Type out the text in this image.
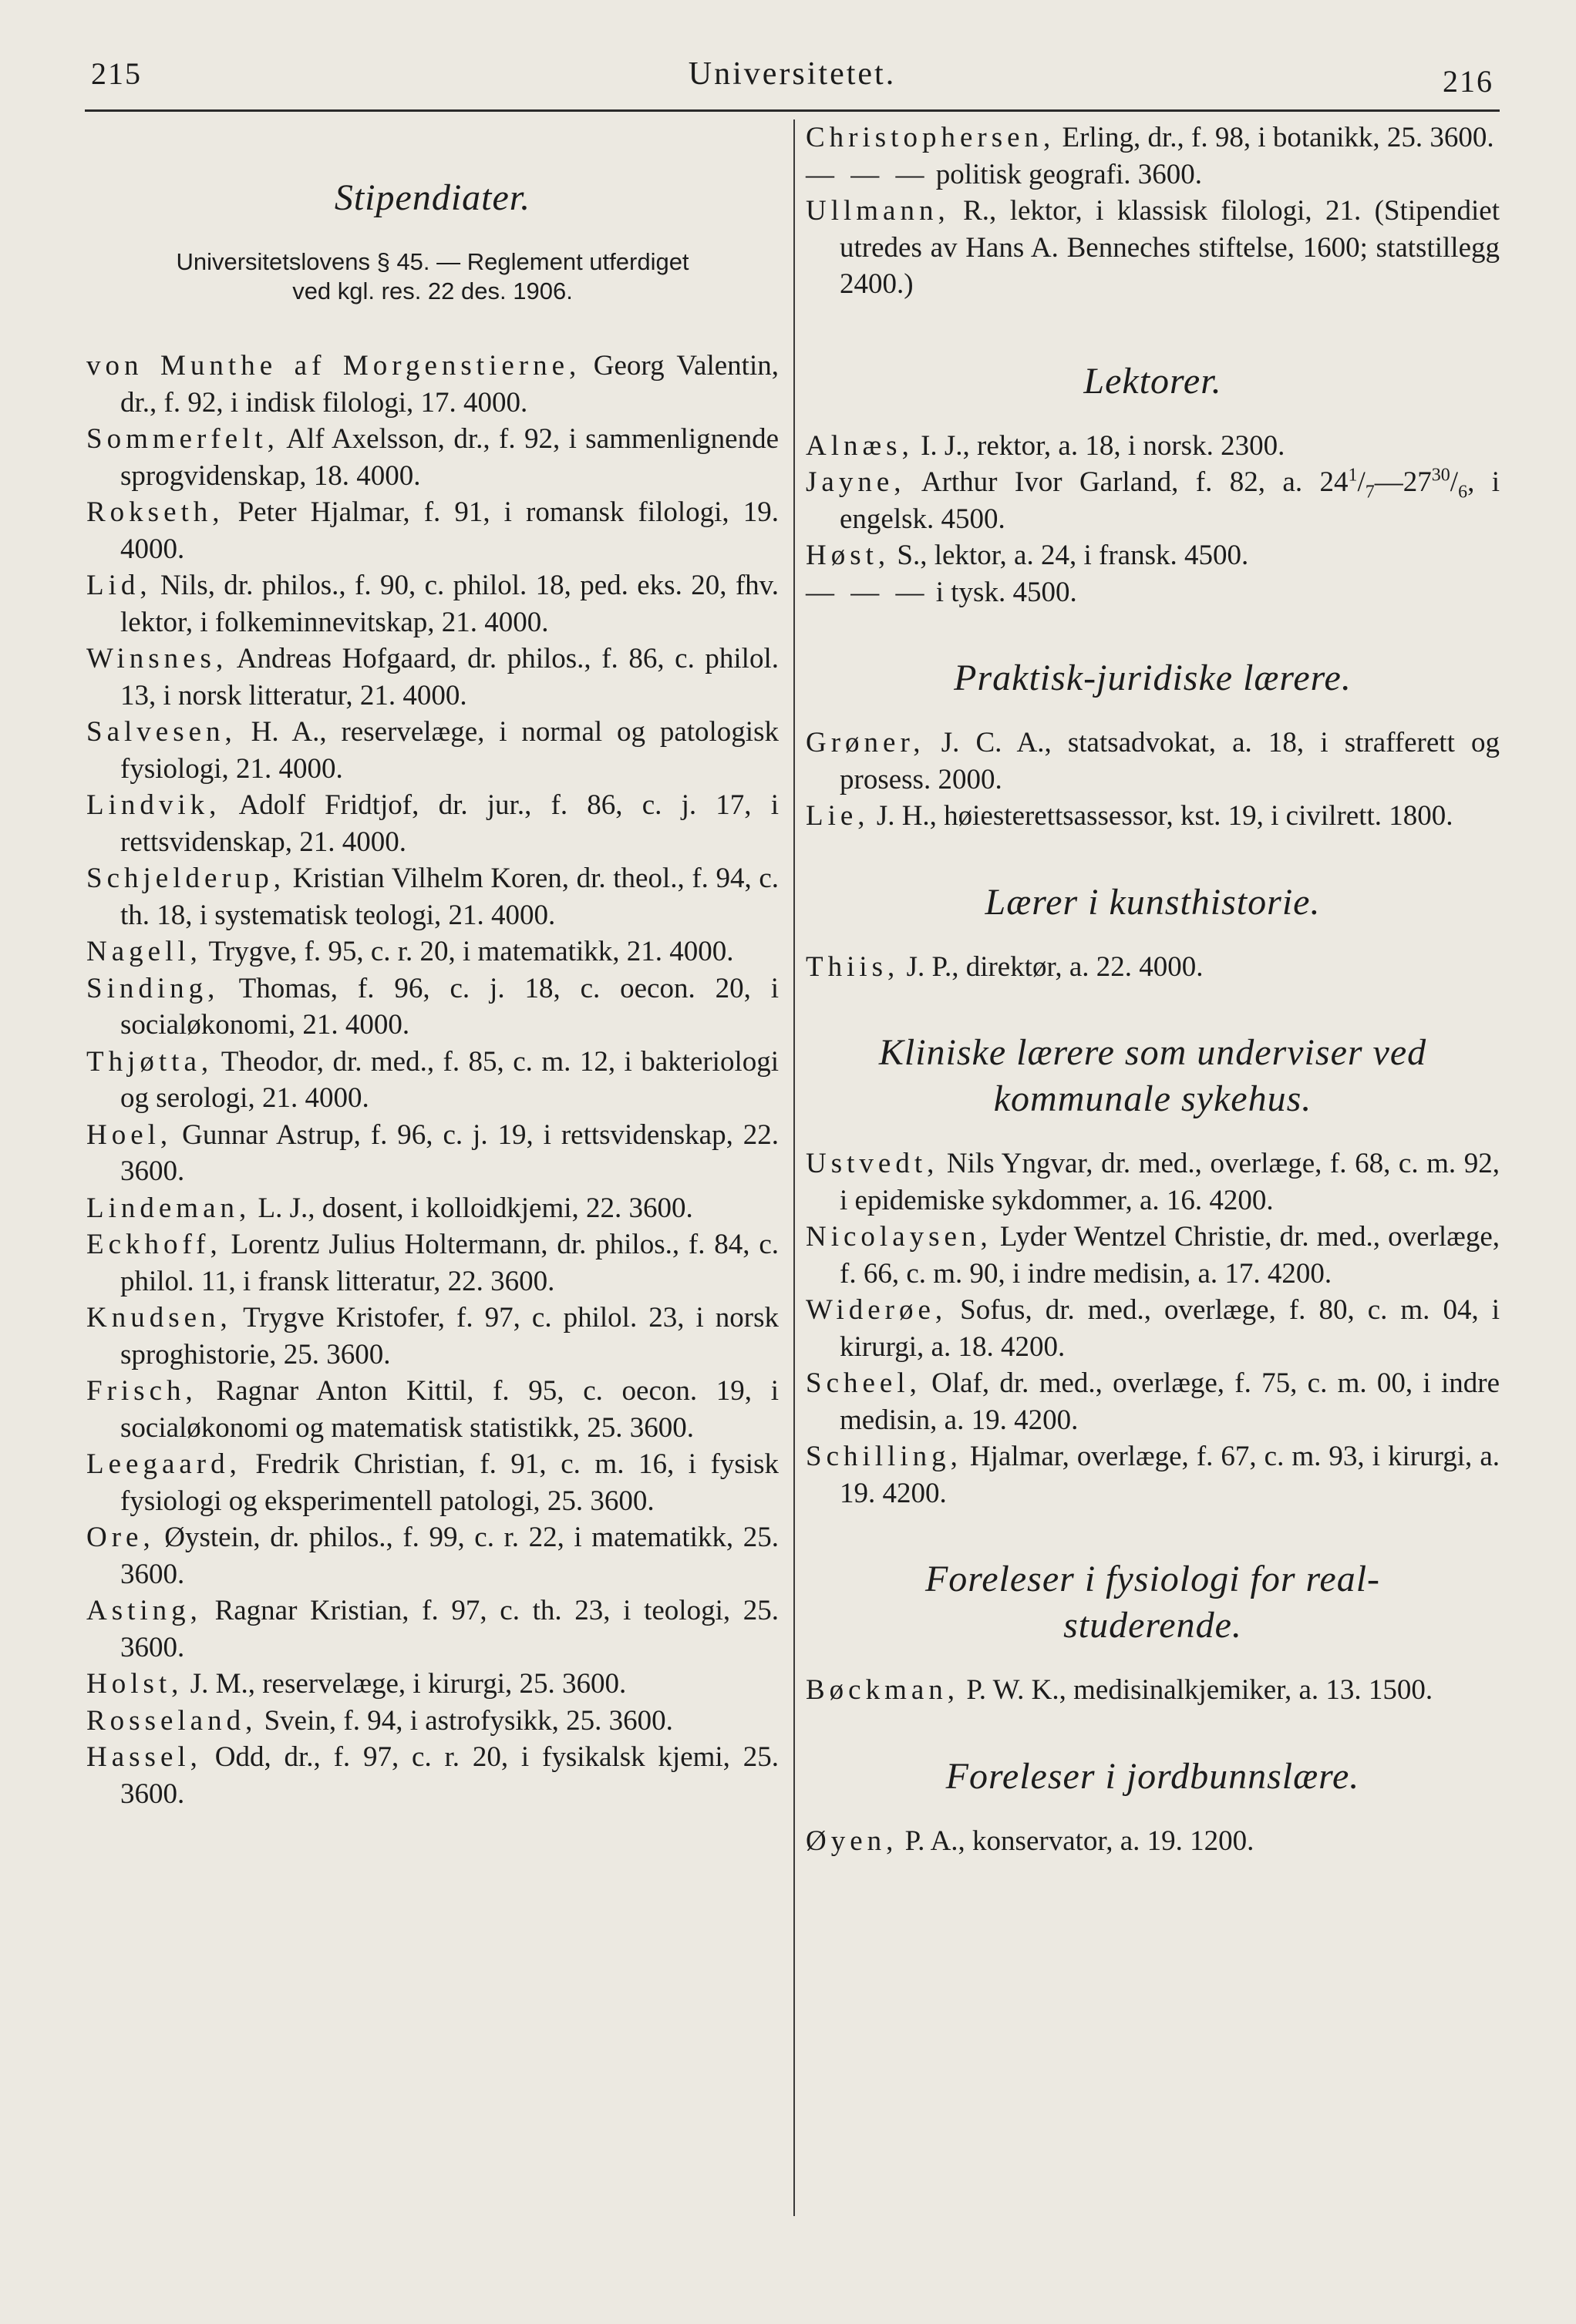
215	Universitetet.	216
Stipendiater.
Universitetslovens § 45. — Reglement utferdiget
ved kgl. res. 22 des. 1906.
von Munthe af Morgenstierne, Georg Valentin, dr., f. 92, i indisk filologi, 17. 4000.
Sommerfelt, Alf Axelsson, dr., f. 92, i sammenlignende sprogvidenskap, 18. 4000.
Rokseth, Peter Hjalmar, f. 91, i romansk filologi, 19. 4000.
Lid, Nils, dr. philos., f. 90, c. philol. 18, ped. eks. 20, fhv. lektor, i folkeminnevitskap, 21. 4000.
Winsnes, Andreas Hofgaard, dr. philos., f. 86, c. philol. 13, i norsk litteratur, 21. 4000.
Salvesen, H. A., reservelæge, i normal og patologisk fysiologi, 21. 4000.
Lindvik, Adolf Fridtjof, dr. jur., f. 86, c. j. 17, i rettsvidenskap, 21. 4000.
Schjelderup, Kristian Vilhelm Koren, dr. theol., f. 94, c. th. 18, i systematisk teologi, 21. 4000.
Nagell, Trygve, f. 95, c. r. 20, i matematikk, 21. 4000.
Sinding, Thomas, f. 96, c. j. 18, c. oecon. 20, i socialøkonomi, 21. 4000.
Thjøtta, Theodor, dr. med., f. 85, c. m. 12, i bakteriologi og serologi, 21. 4000.
Hoel, Gunnar Astrup, f. 96, c. j. 19, i rettsvidenskap, 22. 3600.
Lindeman, L. J., dosent, i kolloidkjemi, 22. 3600.
Eckhoff, Lorentz Julius Holtermann, dr. philos., f. 84, c. philol. 11, i fransk litteratur, 22. 3600.
Knudsen, Trygve Kristofer, f. 97, c. philol. 23, i norsk sproghistorie, 25. 3600.
Frisch, Ragnar Anton Kittil, f. 95, c. oecon. 19, i socialøkonomi og matematisk statistikk, 25. 3600.
Leegaard, Fredrik Christian, f. 91, c. m. 16, i fysisk fysiologi og eksperimentell patologi, 25. 3600.
Ore, Øystein, dr. philos., f. 99, c. r. 22, i matematikk, 25. 3600.
Asting, Ragnar Kristian, f. 97, c. th. 23, i teologi, 25. 3600.
Holst, J. M., reservelæge, i kirurgi, 25. 3600.
Rosseland, Svein, f. 94, i astrofysikk, 25. 3600.
Hassel, Odd, dr., f. 97, c. r. 20, i fysikalsk kjemi, 25. 3600.
Christophersen, Erling, dr., f. 98, i botanikk, 25. 3600.
— — — politisk geografi. 3600.
Ullmann, R., lektor, i klassisk filologi, 21. (Stipendiet utredes av Hans A. Benneches stiftelse, 1600; statstillegg 2400.)
Lektorer.
Alnæs, I. J., rektor, a. 18, i norsk. 2300.
Jayne, Arthur Ivor Garland, f. 82, a. $24^1/_7—27^{30}/_6$, i engelsk. 4500.
Høst, S., lektor, a. 24, i fransk. 4500.
— — — i tysk. 4500.
Praktisk-juridiske lærere.
Grøner, J. C. A., statsadvokat, a. 18, i strafferett og prosess. 2000.
Lie, J. H., høiesterettsassessor, kst. 19, i civilrett. 1800.
Lærer i kunsthistorie.
Thiis, J. P., direktør, a. 22. 4000.
Kliniske lærere som underviser ved
kommunale sykehus.
Ustvedt, Nils Yngvar, dr. med., overlæge, f. 68, c. m. 92, i epidemiske sykdommer, a. 16. 4200.
Nicolaysen, Lyder Wentzel Christie, dr. med., overlæge, f. 66, c. m. 90, i indre medisin, a. 17. 4200.
Widerøe, Sofus, dr. med., overlæge, f. 80, c. m. 04, i kirurgi, a. 18. 4200.
Scheel, Olaf, dr. med., overlæge, f. 75, c. m. 00, i indre medisin, a. 19. 4200.
Schilling, Hjalmar, overlæge, f. 67, c. m. 93, i kirurgi, a. 19. 4200.
Foreleser i fysiologi for real-
studerende.
Bøckman, P. W. K., medisinalkjemiker, a. 13. 1500.
Foreleser i jordbunnslære.
Øyen, P. A., konservator, a. 19. 1200.
